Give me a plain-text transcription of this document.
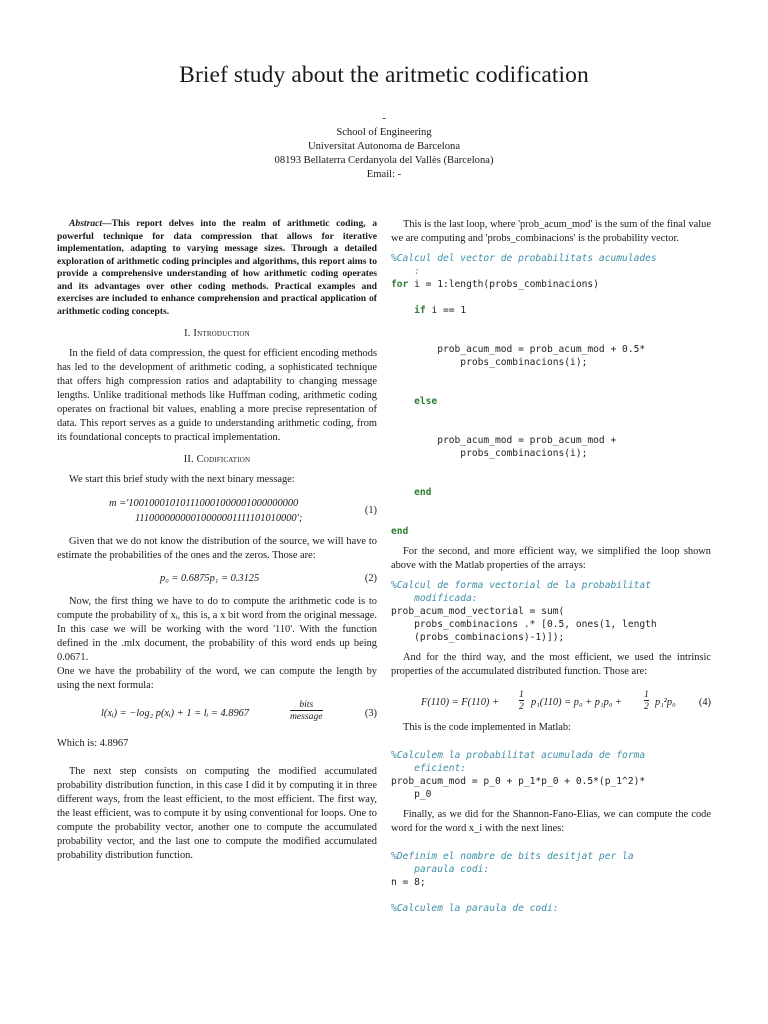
Brief study about the aritmetic codification
-
School of Engineering
Universitat Autonoma de Barcelona
08193 Bellaterra Cerdanyola del Vallès (Barcelona)
Email: -

Abstract—This report delves into the realm of arithmetic coding, a powerful technique for data compression that allows for iterative implementation, adapting to varying message sizes. Through a detailed exploration of arithmetic coding principles and algorithms, this report aims to provide a comprehensive understanding of how arithmetic coding operates and its advantages over other coding methods. Practical examples and exercises are included to enhance comprehension and practical application of arithmetic coding concepts.

I. Introduction

In the field of data compression, the quest for efficient encoding methods has led to the development of arithmetic coding, a sophisticated technique that offers high compression ratios and adaptability to changing message lengths. Unlike traditional methods like Huffman coding, arithmetic coding operates on fractional bit values, enabling a more precise representation of data. This report serves as a guide to understanding arithmetic coding, from its foundational concepts to practical implementation.

II. Codification

We start this brief study with the next binary message:

m ='100100010101110001000001000000000
11100000000010000001111101010000';
(1)

Given that we do not know the distribution of the source, we will have to estimate the probabilities of the ones and the zeros. Those are:

p₀ = 0.6875p₁ = 0.3125	(2)

Now, the first thing we have to do to compute the arithmetic code is to compute the probability of xᵢ, this is, a x bit word from the original message. In this case we will be working with the word '110'. With the function defined in the .mlx document, the probability of this word ends up being 0.0671.

One we have the probability of the word, we can compute the length by using the next formula:

l(xᵢ) = −log₂ p(xᵢ) + 1 = lᵢ = 4.8967
bits
message	(3)

Which is: 4.8967

The next step consists on computing the modified accumulated probability distribution function, in this case I did it by computing it in three different ways, from the least efficient, to the most efficient. The first way, the least efficient, was to compute it by using conventional for loops. One to compute the probability vector, another one to compute the accumulated probability vector, and the last one to compute the modified accumulated probability distribution function.

This is the last loop, where 'prob_acum_mod' is the sum of the final value we are computing and 'probs_combinacions' is the probability vector.

%Calcul del vector de probabilitats acumulades
:
for i = 1:length(probs_combinacions)

if i == 1

prob_acum_mod = prob_acum_mod + 0.5*
probs_combinacions(i);

else

prob_acum_mod = prob_acum_mod +
probs_combinacions(i);

end

end

For the second, and more efficient way, we simplified the loop shown above with the Matlab properties of the arrays:

%Calcul de forma vectorial de la probabilitat
modificada:
prob_acum_mod_vectorial = sum(
probs_combinacions .* [0.5, ones(1, length
(probs_combinacions)-1)]);

And for the third way, and the most efficient, we used the intrinsic properties of the accumulated distributed function. Those are:

$F(110) = F(110) + \frac{1}{2} p_1(110) = p_0 + p_1p_0 + \frac{1}{2} p_1^2p_0$ (4)

This is the code implemented in Matlab:

%Calculem la probabilitat acumulada de forma
eficient:
prob_acum_mod = p_0 + p_1*p_0 + 0.5*(p_1^2)*
p_0

Finally, as we did for the Shannon-Fano-Elias, we can compute the code word for the word x_i with the next lines:

%Definim el nombre de bits desitjat per la
paraula codi:
n = 8;

%Calculem la paraula de codi:
